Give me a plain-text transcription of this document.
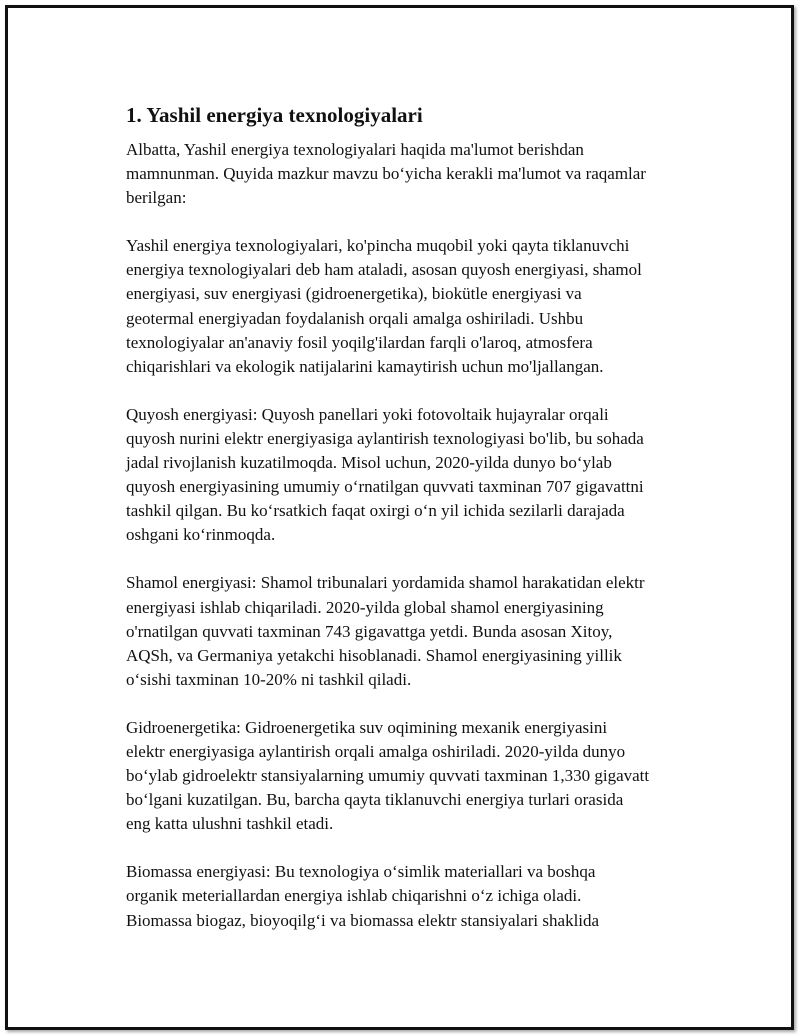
1. Yashil energiya texnologiyalari

Albatta, Yashil energiya texnologiyalari haqida ma'lumot berishdan
mamnunman. Quyida mazkur mavzu bo‘yicha kerakli ma'lumot va raqamlar
berilgan:

Yashil energiya texnologiyalari, ko'pincha muqobil yoki qayta tiklanuvchi
energiya texnologiyalari deb ham ataladi, asosan quyosh energiyasi, shamol
energiyasi, suv energiyasi (gidroenergetika), biokütle energiyasi va
geotermal energiyadan foydalanish orqali amalga oshiriladi. Ushbu
texnologiyalar an'anaviy fosil yoqilg'ilardan farqli o'laroq, atmosfera
chiqarishlari va ekologik natijalarini kamaytirish uchun mo'ljallangan.

Quyosh energiyasi: Quyosh panellari yoki fotovoltaik hujayralar orqali
quyosh nurini elektr energiyasiga aylantirish texnologiyasi bo'lib, bu sohada
jadal rivojlanish kuzatilmoqda. Misol uchun, 2020-yilda dunyo bo‘ylab
quyosh energiyasining umumiy o‘rnatilgan quvvati taxminan 707 gigavattni
tashkil qilgan. Bu ko‘rsatkich faqat oxirgi o‘n yil ichida sezilarli darajada
oshgani ko‘rinmoqda.

Shamol energiyasi: Shamol tribunalari yordamida shamol harakatidan elektr
energiyasi ishlab chiqariladi. 2020-yilda global shamol energiyasining
o'rnatilgan quvvati taxminan 743 gigavattga yetdi. Bunda asosan Xitoy,
AQSh, va Germaniya yetakchi hisoblanadi. Shamol energiyasining yillik
o‘sishi taxminan 10-20% ni tashkil qiladi.

Gidroenergetika: Gidroenergetika suv oqimining mexanik energiyasini
elektr energiyasiga aylantirish orqali amalga oshiriladi. 2020-yilda dunyo
bo‘ylab gidroelektr stansiyalarning umumiy quvvati taxminan 1,330 gigavatt
bo‘lgani kuzatilgan. Bu, barcha qayta tiklanuvchi energiya turlari orasida
eng katta ulushni tashkil etadi.

Biomassa energiyasi: Bu texnologiya o‘simlik materiallari va boshqa
organik meteriallardan energiya ishlab chiqarishni o‘z ichiga oladi.
Biomassa biogaz, bioyoqilg‘i va biomassa elektr stansiyalari shaklida
